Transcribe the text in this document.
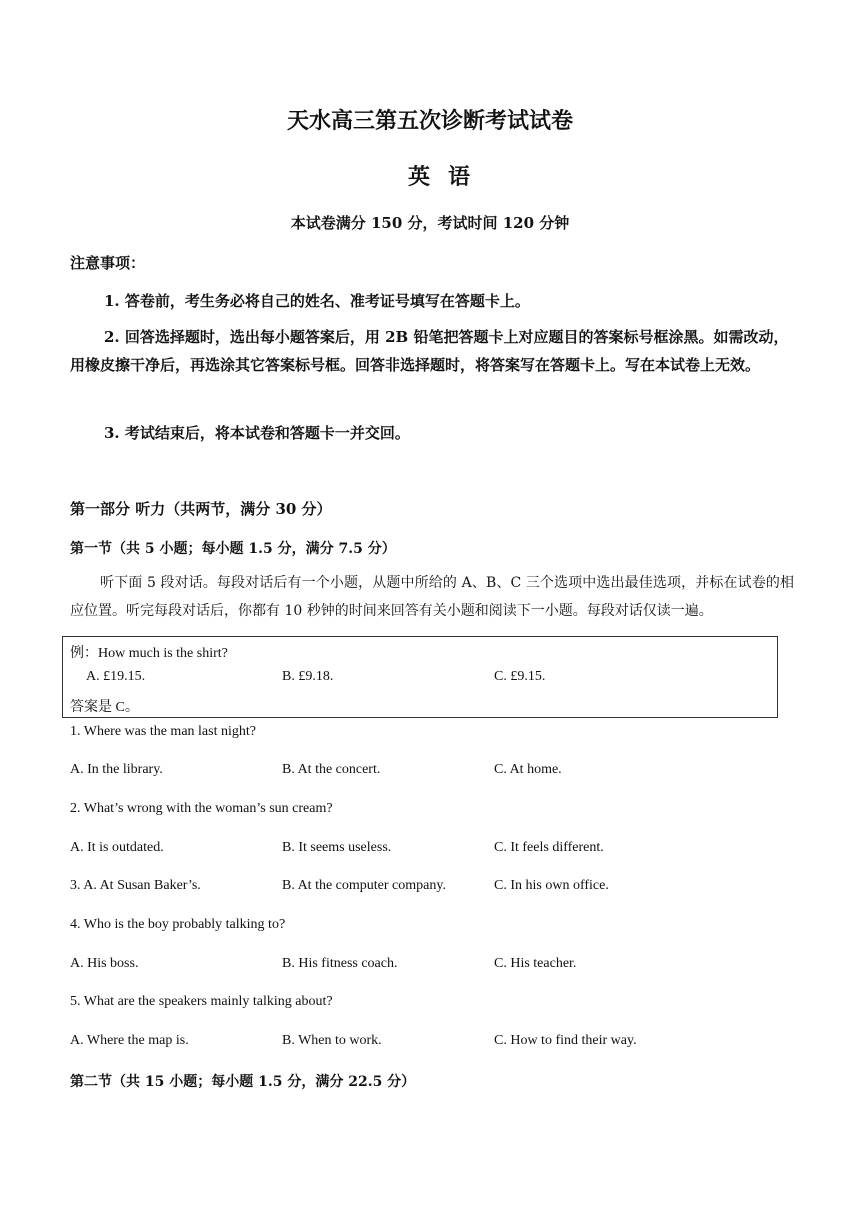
天水高三第五次诊断考试试卷
英语
本试卷满分 150 分，考试时间 120 分钟
注意事项：
1. 答卷前，考生务必将自己的姓名、准考证号填写在答题卡上。
2. 回答选择题时，选出每小题答案后，用 2B 铅笔把答题卡上对应题目的答案标号框涂黑。如需改动，用橡皮擦干净后，再选涂其它答案标号框。回答非选择题时，将答案写在答题卡上。写在本试卷上无效。
3. 考试结束后，将本试卷和答题卡一并交回。
第一部分 听力（共两节，满分 30 分）
第一节（共 5 小题；每小题 1.5 分，满分 7.5 分）
听下面 5 段对话。每段对话后有一个小题，从题中所给的 A、B、C 三个选项中选出最佳选项，并标在试卷的相应位置。听完每段对话后，你都有 10 秒钟的时间来回答有关小题和阅读下一小题。每段对话仅读一遍。
例：How much is the shirt?
A. £19.15.	B. £9.18.	C. £9.15.
答案是 C。
1. Where was the man last night?
A. In the library.	B. At the concert.	C. At home.
2. What’s wrong with the woman’s sun cream?
A. It is outdated.	B. It seems useless.	C. It feels different.
3. A. At Susan Baker’s.	B. At the computer company.	C. In his own office.
4. Who is the boy probably talking to?
A. His boss.	B. His fitness coach.	C. His teacher.
5. What are the speakers mainly talking about?
A. Where the map is.	B. When to work.	C. How to find their way.
第二节（共 15 小题；每小题 1.5 分，满分 22.5 分）
